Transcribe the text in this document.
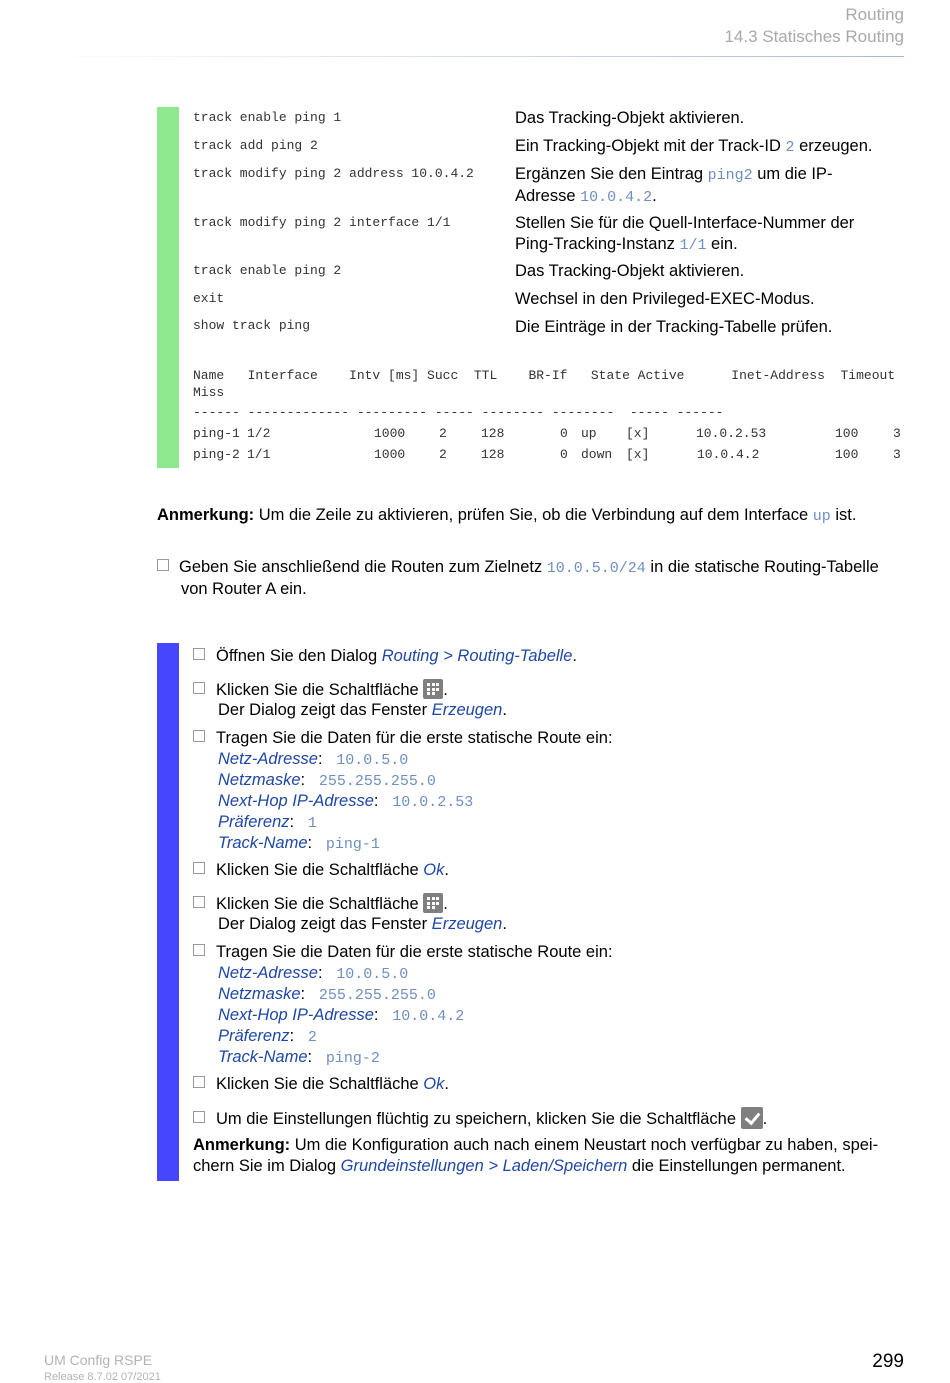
Routing
14.3 Statisches Routing
track enable ping 1	Das Tracking-Objekt aktivieren.
track add ping 2	Ein Tracking-Objekt mit der Track-ID 2 erzeugen.
track modify ping 2 address 10.0.4.2 Ergänzen Sie den Eintrag ping2 um die IP-
Adresse 10.0.4.2.
track modify ping 2 interface 1/1	Stellen Sie für die Quell-Interface-Nummer der
Ping-Tracking-Instanz 1/1 ein.
track enable ping 2	Das Tracking-Objekt aktivieren.
exit	Wechsel in den Privileged-EXEC-Modus.
show track ping	Die Einträge in der Tracking-Tabelle prüfen.
Name   Interface    Intv [ms] Succ  TTL    BR-If   State Active      Inet-Address  Timeout
Miss
------ ------------- --------- ----- -------- --------  ----- ------
ping-1 1/2	1000	2	128	0 up [x]	10.0.2.53	100	3
ping-2 1/1	1000	2	128	0 down [x]	10.0.4.2	100	3
Anmerkung: Um die Zeile zu aktivieren, prüfen Sie, ob die Verbindung auf dem Interface up ist.
Geben Sie anschließend die Routen zum Zielnetz 10.0.5.0/24 in die statische Routing-Tabelle
von Router A ein.
Öffnen Sie den Dialog Routing > Routing-Tabelle.
Klicken Sie die Schaltfläche
.
Der Dialog zeigt das Fenster Erzeugen.
Tragen Sie die Daten für die erste statische Route ein:
Netz-Adresse:   10.0.5.0
Netzmaske:   255.255.255.0
Next-Hop IP-Adresse:   10.0.2.53
Präferenz:   1
Track-Name:   ping-1
Klicken Sie die Schaltfläche Ok.
Klicken Sie die Schaltfläche
.
Der Dialog zeigt das Fenster Erzeugen.
Tragen Sie die Daten für die erste statische Route ein:
Netz-Adresse:   10.0.5.0
Netzmaske:   255.255.255.0
Next-Hop IP-Adresse:   10.0.4.2
Präferenz:   2
Track-Name:   ping-2
Klicken Sie die Schaltfläche Ok.
Um die Einstellungen flüchtig zu speichern, klicken Sie die Schaltfläche .
Anmerkung: Um die Konfiguration auch nach einem Neustart noch verfügbar zu haben, spei-
chern Sie im Dialog Grundeinstellungen > Laden/Speichern die Einstellungen permanent.
UM Config RSPE
Release 8.7.02 07/2021
299
